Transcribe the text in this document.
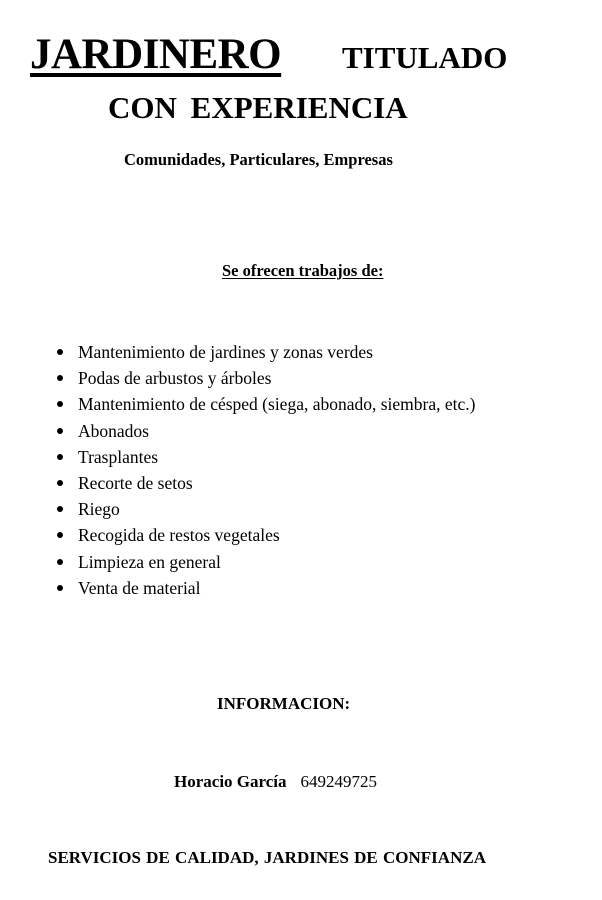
JARDINERO TITULADO
CON EXPERIENCIA
Comunidades, Particulares, Empresas
Se ofrecen trabajos de:
Mantenimiento de jardines y zonas verdes
Podas de arbustos y árboles
Mantenimiento de césped (siega, abonado, siembra, etc.)
Abonados
Trasplantes
Recorte de setos
Riego
Recogida de restos vegetales
Limpieza en general
Venta de material
INFORMACION:
Horacio García 649249725
SERVICIOS DE CALIDAD, JARDINES DE CONFIANZA
